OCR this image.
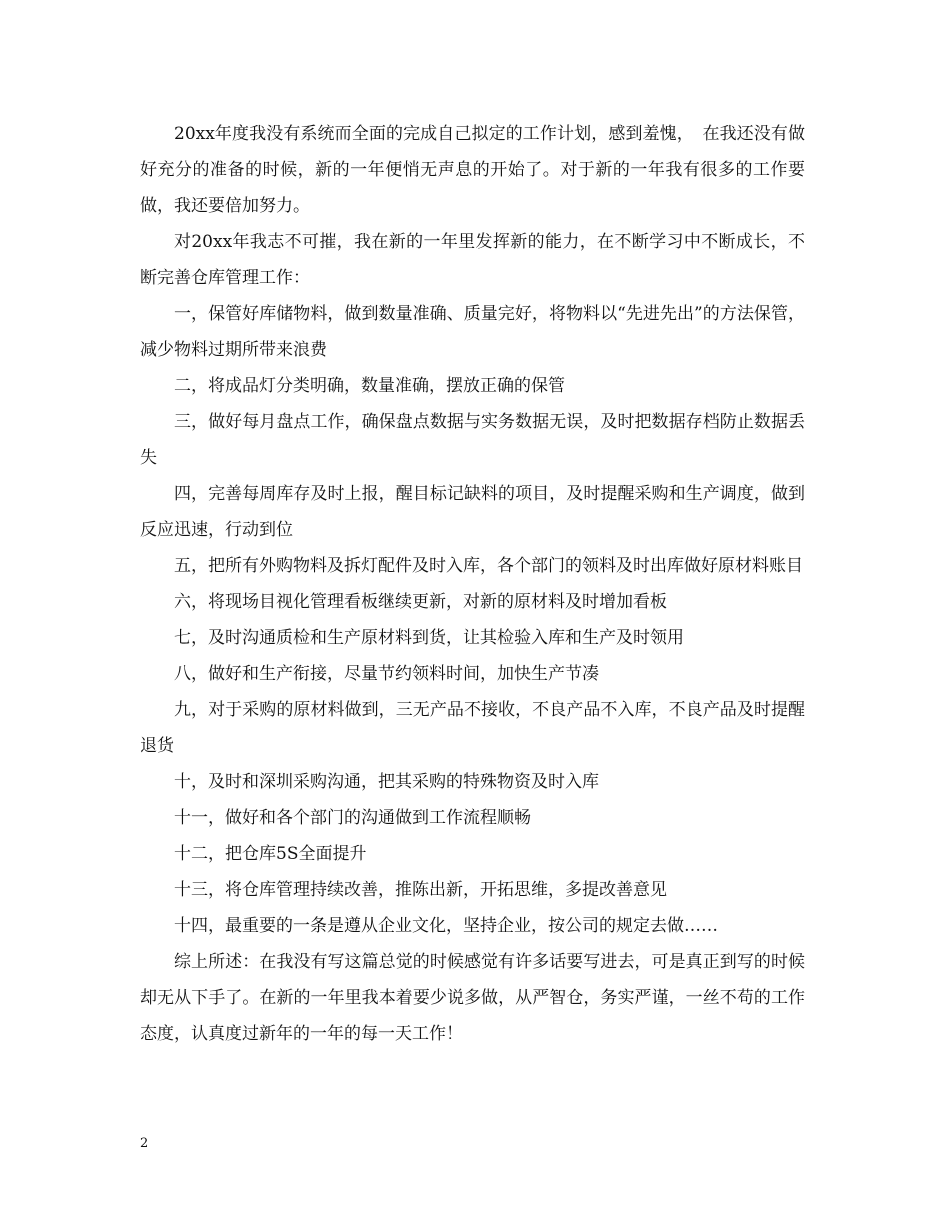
20xx年度我没有系统而全面的完成自己拟定的工作计划，感到羞愧，　在我还没有做好充分的准备的时候，新的一年便悄无声息的开始了。对于新的一年我有很多的工作要做，我还要倍加努力。

对20xx年我志不可摧，我在新的一年里发挥新的能力，在不断学习中不断成长，不断完善仓库管理工作：

一，保管好库储物料，做到数量准确、质量完好，将物料以“先进先出”的方法保管，减少物料过期所带来浪费

二，将成品灯分类明确，数量准确，摆放正确的保管

三，做好每月盘点工作，确保盘点数据与实务数据无误，及时把数据存档防止数据丢失

四，完善每周库存及时上报，醒目标记缺料的项目，及时提醒采购和生产调度，做到反应迅速，行动到位

五，把所有外购物料及拆灯配件及时入库，各个部门的领料及时出库做好原材料账目

六，将现场目视化管理看板继续更新，对新的原材料及时增加看板

七，及时沟通质检和生产原材料到货，让其检验入库和生产及时领用

八，做好和生产衔接，尽量节约领料时间，加快生产节凑

九，对于采购的原材料做到，三无产品不接收，不良产品不入库，不良产品及时提醒退货

十，及时和深圳采购沟通，把其采购的特殊物资及时入库

十一，做好和各个部门的沟通做到工作流程顺畅

十二，把仓库5S全面提升

十三，将仓库管理持续改善，推陈出新，开拓思维，多提改善意见

十四，最重要的一条是遵从企业文化，坚持企业，按公司的规定去做……

综上所述：在我没有写这篇总觉的时候感觉有许多话要写进去，可是真正到写的时候却无从下手了。在新的一年里我本着要少说多做，从严智仓，务实严谨，一丝不苟的工作态度，认真度过新年的一年的每一天工作！

2
